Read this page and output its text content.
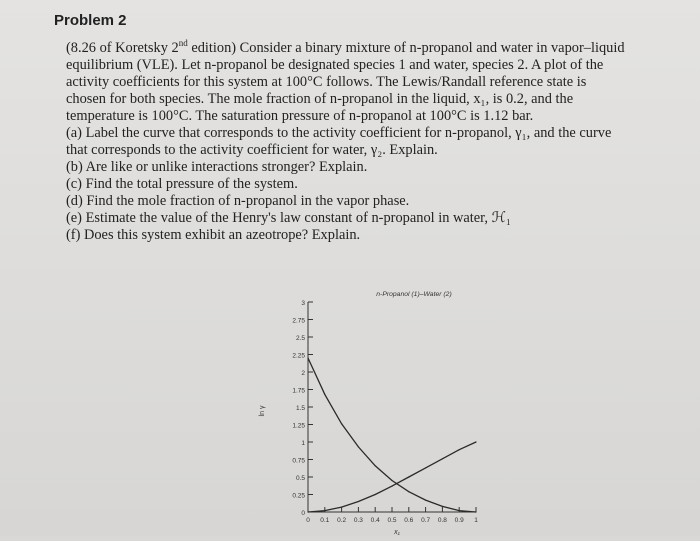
Problem 2
(8.26 of Koretsky 2nd edition) Consider a binary mixture of n-propanol and water in vapor–liquid
equilibrium (VLE). Let n-propanol be designated species 1 and water, species 2. A plot of the
activity coefficients for this system at 100°C follows. The Lewis/Randall reference state is
chosen for both species. The mole fraction of n-propanol in the liquid, x₁, is 0.2, and the
temperature is 100°C. The saturation pressure of n-propanol at 100°C is 1.12 bar.
(a) Label the curve that corresponds to the activity coefficient for n-propanol, γ₁, and the curve
that corresponds to the activity coefficient for water, γ₂. Explain.
(b) Are like or unlike interactions stronger? Explain.
(c) Find the total pressure of the system.
(d) Find the mole fraction of n-propanol in the vapor phase.
(e) Estimate the value of the Henry's law constant of n-propanol in water, ℋ₁
(f) Does this system exhibit an azeotrope? Explain.
0
0.25
0.5
0.75
1
1.25
1.5
1.75
2
2.25
2.5
2.75
3
0 0.1 0.2 0.3 0.4 0.5 0.6 0.7 0.8 0.9 1
n-Propanol (1)–Water (2)
x₁
ln γ
